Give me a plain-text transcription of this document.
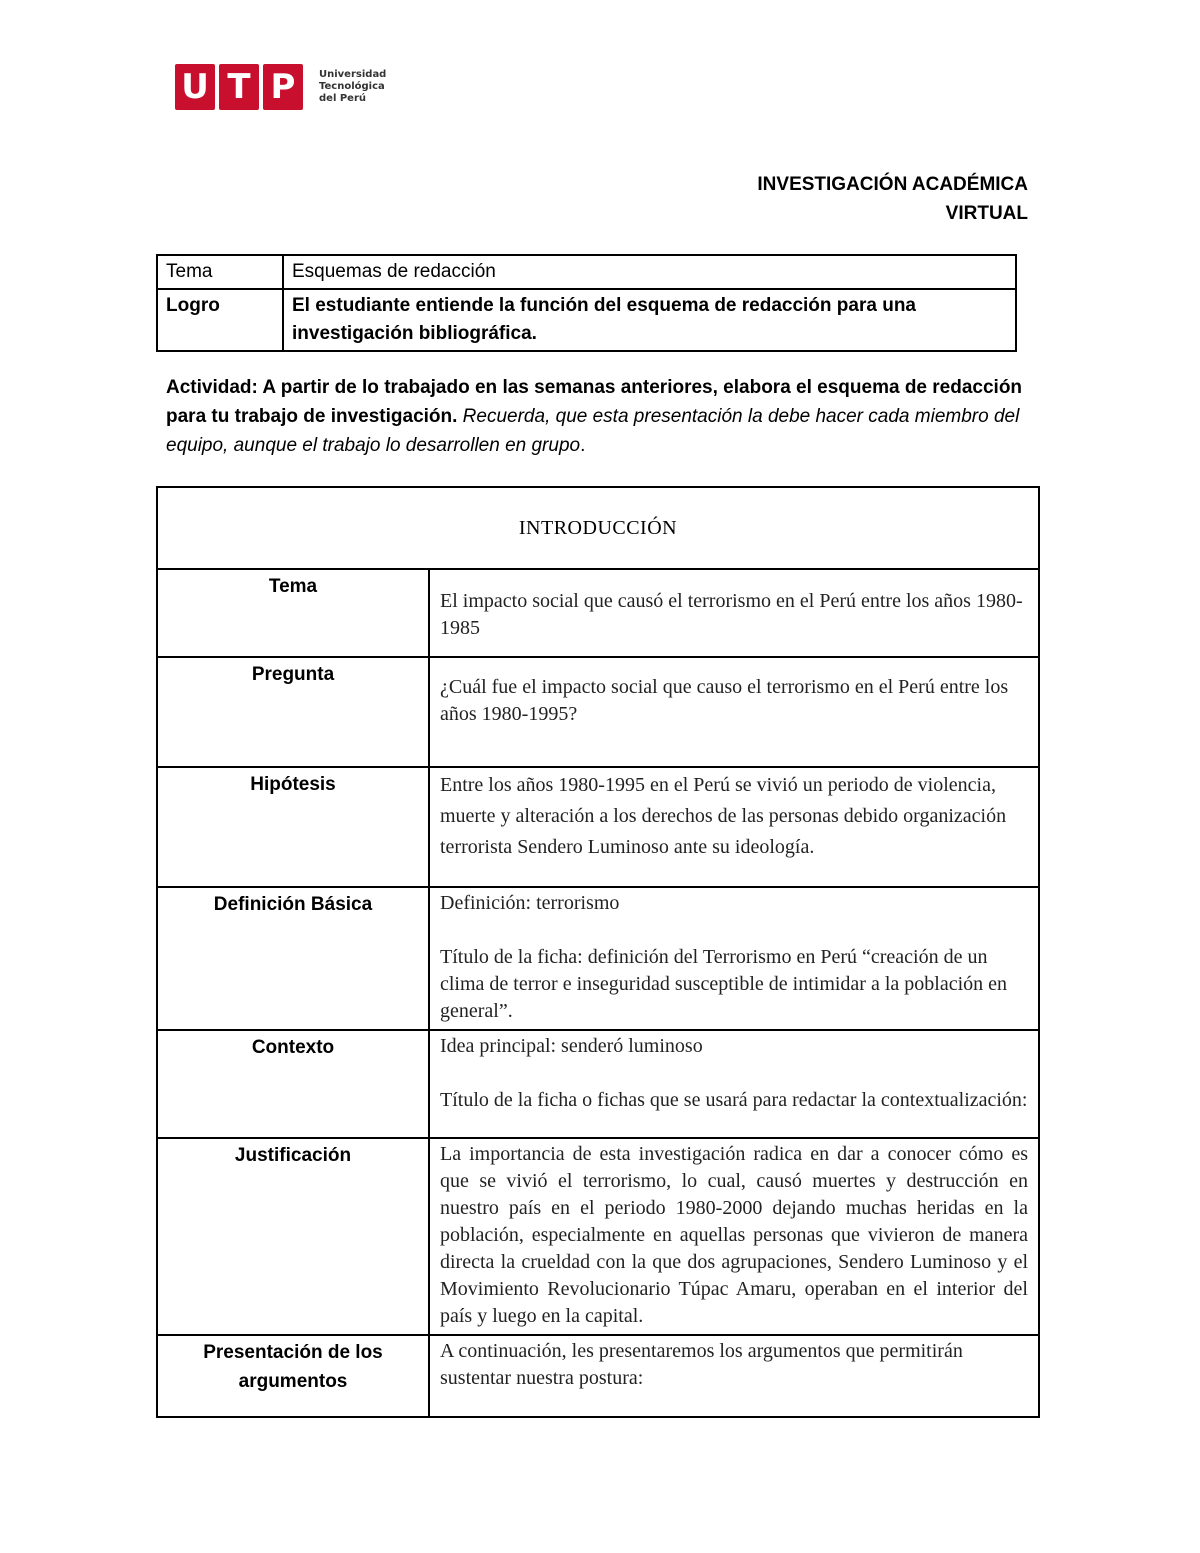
U T P	Universidad
Tecnológica
del Perú
INVESTIGACIÓN ACADÉMICA
VIRTUAL
Tema	Esquemas de redacción
Logro	El estudiante entiende la función del esquema de redacción para una investigación bibliográfica.
Actividad: A partir de lo trabajado en las semanas anteriores, elabora el esquema de redacción para tu trabajo de investigación. Recuerda, que esta presentación la debe hacer cada miembro del equipo, aunque el trabajo lo desarrollen en grupo.
INTRODUCCIÓN	
Tema	El impacto social que causó el terrorismo en el Perú entre los años 1980-1985

Pregunta	¿Cuál fue el impacto social que causo el terrorismo en el Perú entre los años 1980-1995?

Hipótesis	Entre los años 1980-1995 en el Perú se vivió un periodo de violencia, muerte y alteración a los derechos de las personas debido organización terrorista Sendero Luminoso ante su ideología.

Definición Básica	Definición: terrorismo
Título de la ficha: definición del Terrorismo en Perú “creación de un clima de terror e inseguridad susceptible de intimidar a la población en general”.

Contexto	Idea principal: senderó luminoso
Título de la ficha o fichas que se usará para redactar la contextualización:

Justificación	La importancia de esta investigación radica en dar a conocer cómo es que se vivió el terrorismo, lo cual, causó muertes y destrucción en nuestro país en el periodo 1980-2000 dejando muchas heridas en la población, especialmente en aquellas personas que vivieron de manera directa la crueldad con la que dos agrupaciones, Sendero Luminoso y el Movimiento Revolucionario Túpac Amaru, operaban en el interior del país y luego en la capital.

Presentación de los argumentos	A continuación, les presentaremos los argumentos que permitirán sustentar nuestra postura:
